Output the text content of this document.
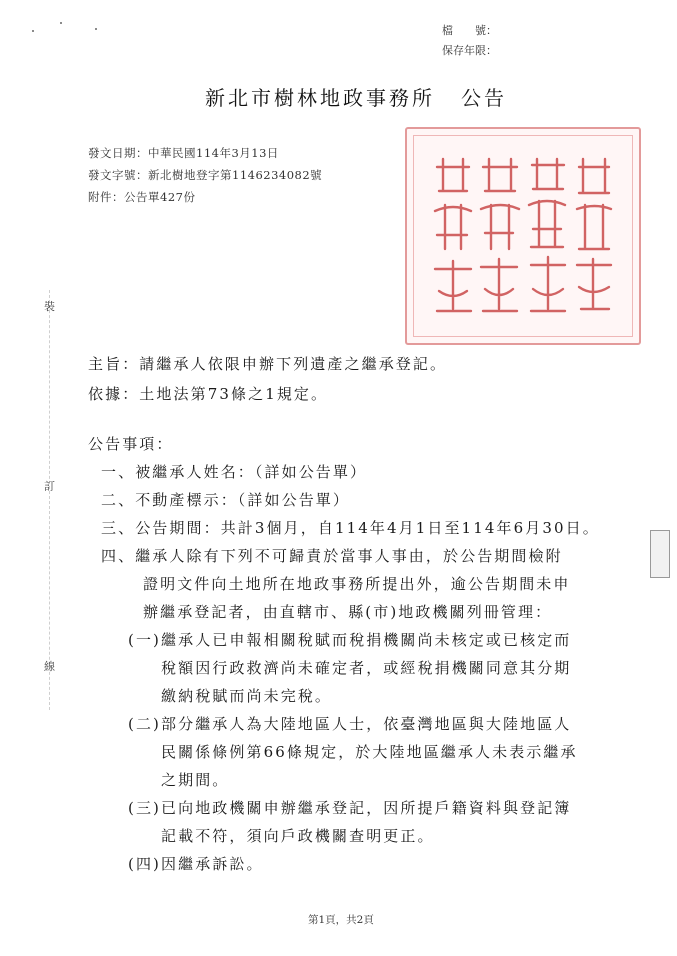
檔　　號：
保存年限：
新北市樹林地政事務所 公告
發文日期：中華民國114年3月13日
發文字號：新北樹地登字第1146234082號
附件：公告單427份
裝
訂
線
主旨：請繼承人依限申辦下列遺產之繼承登記。
依據：土地法第73條之1規定。
公告事項：
一、被繼承人姓名：（詳如公告單）
二、不動產標示：（詳如公告單）
三、公告期間：共計3個月，自114年4月1日至114年6月30日。
四、繼承人除有下列不可歸責於當事人事由，於公告期間檢附
證明文件向土地所在地政事務所提出外，逾公告期間未申
辦繼承登記者，由直轄市、縣(市)地政機關列冊管理：
(一)繼承人已申報相關稅賦而稅捐機關尚未核定或已核定而
稅額因行政救濟尚未確定者，或經稅捐機關同意其分期
繳納稅賦而尚未完稅。
(二)部分繼承人為大陸地區人士，依臺灣地區與大陸地區人
民關係條例第66條規定，於大陸地區繼承人未表示繼承
之期間。
(三)已向地政機關申辦繼承登記，因所提戶籍資料與登記簿
記載不符，須向戶政機關查明更正。
(四)因繼承訴訟。
第1頁，共2頁
